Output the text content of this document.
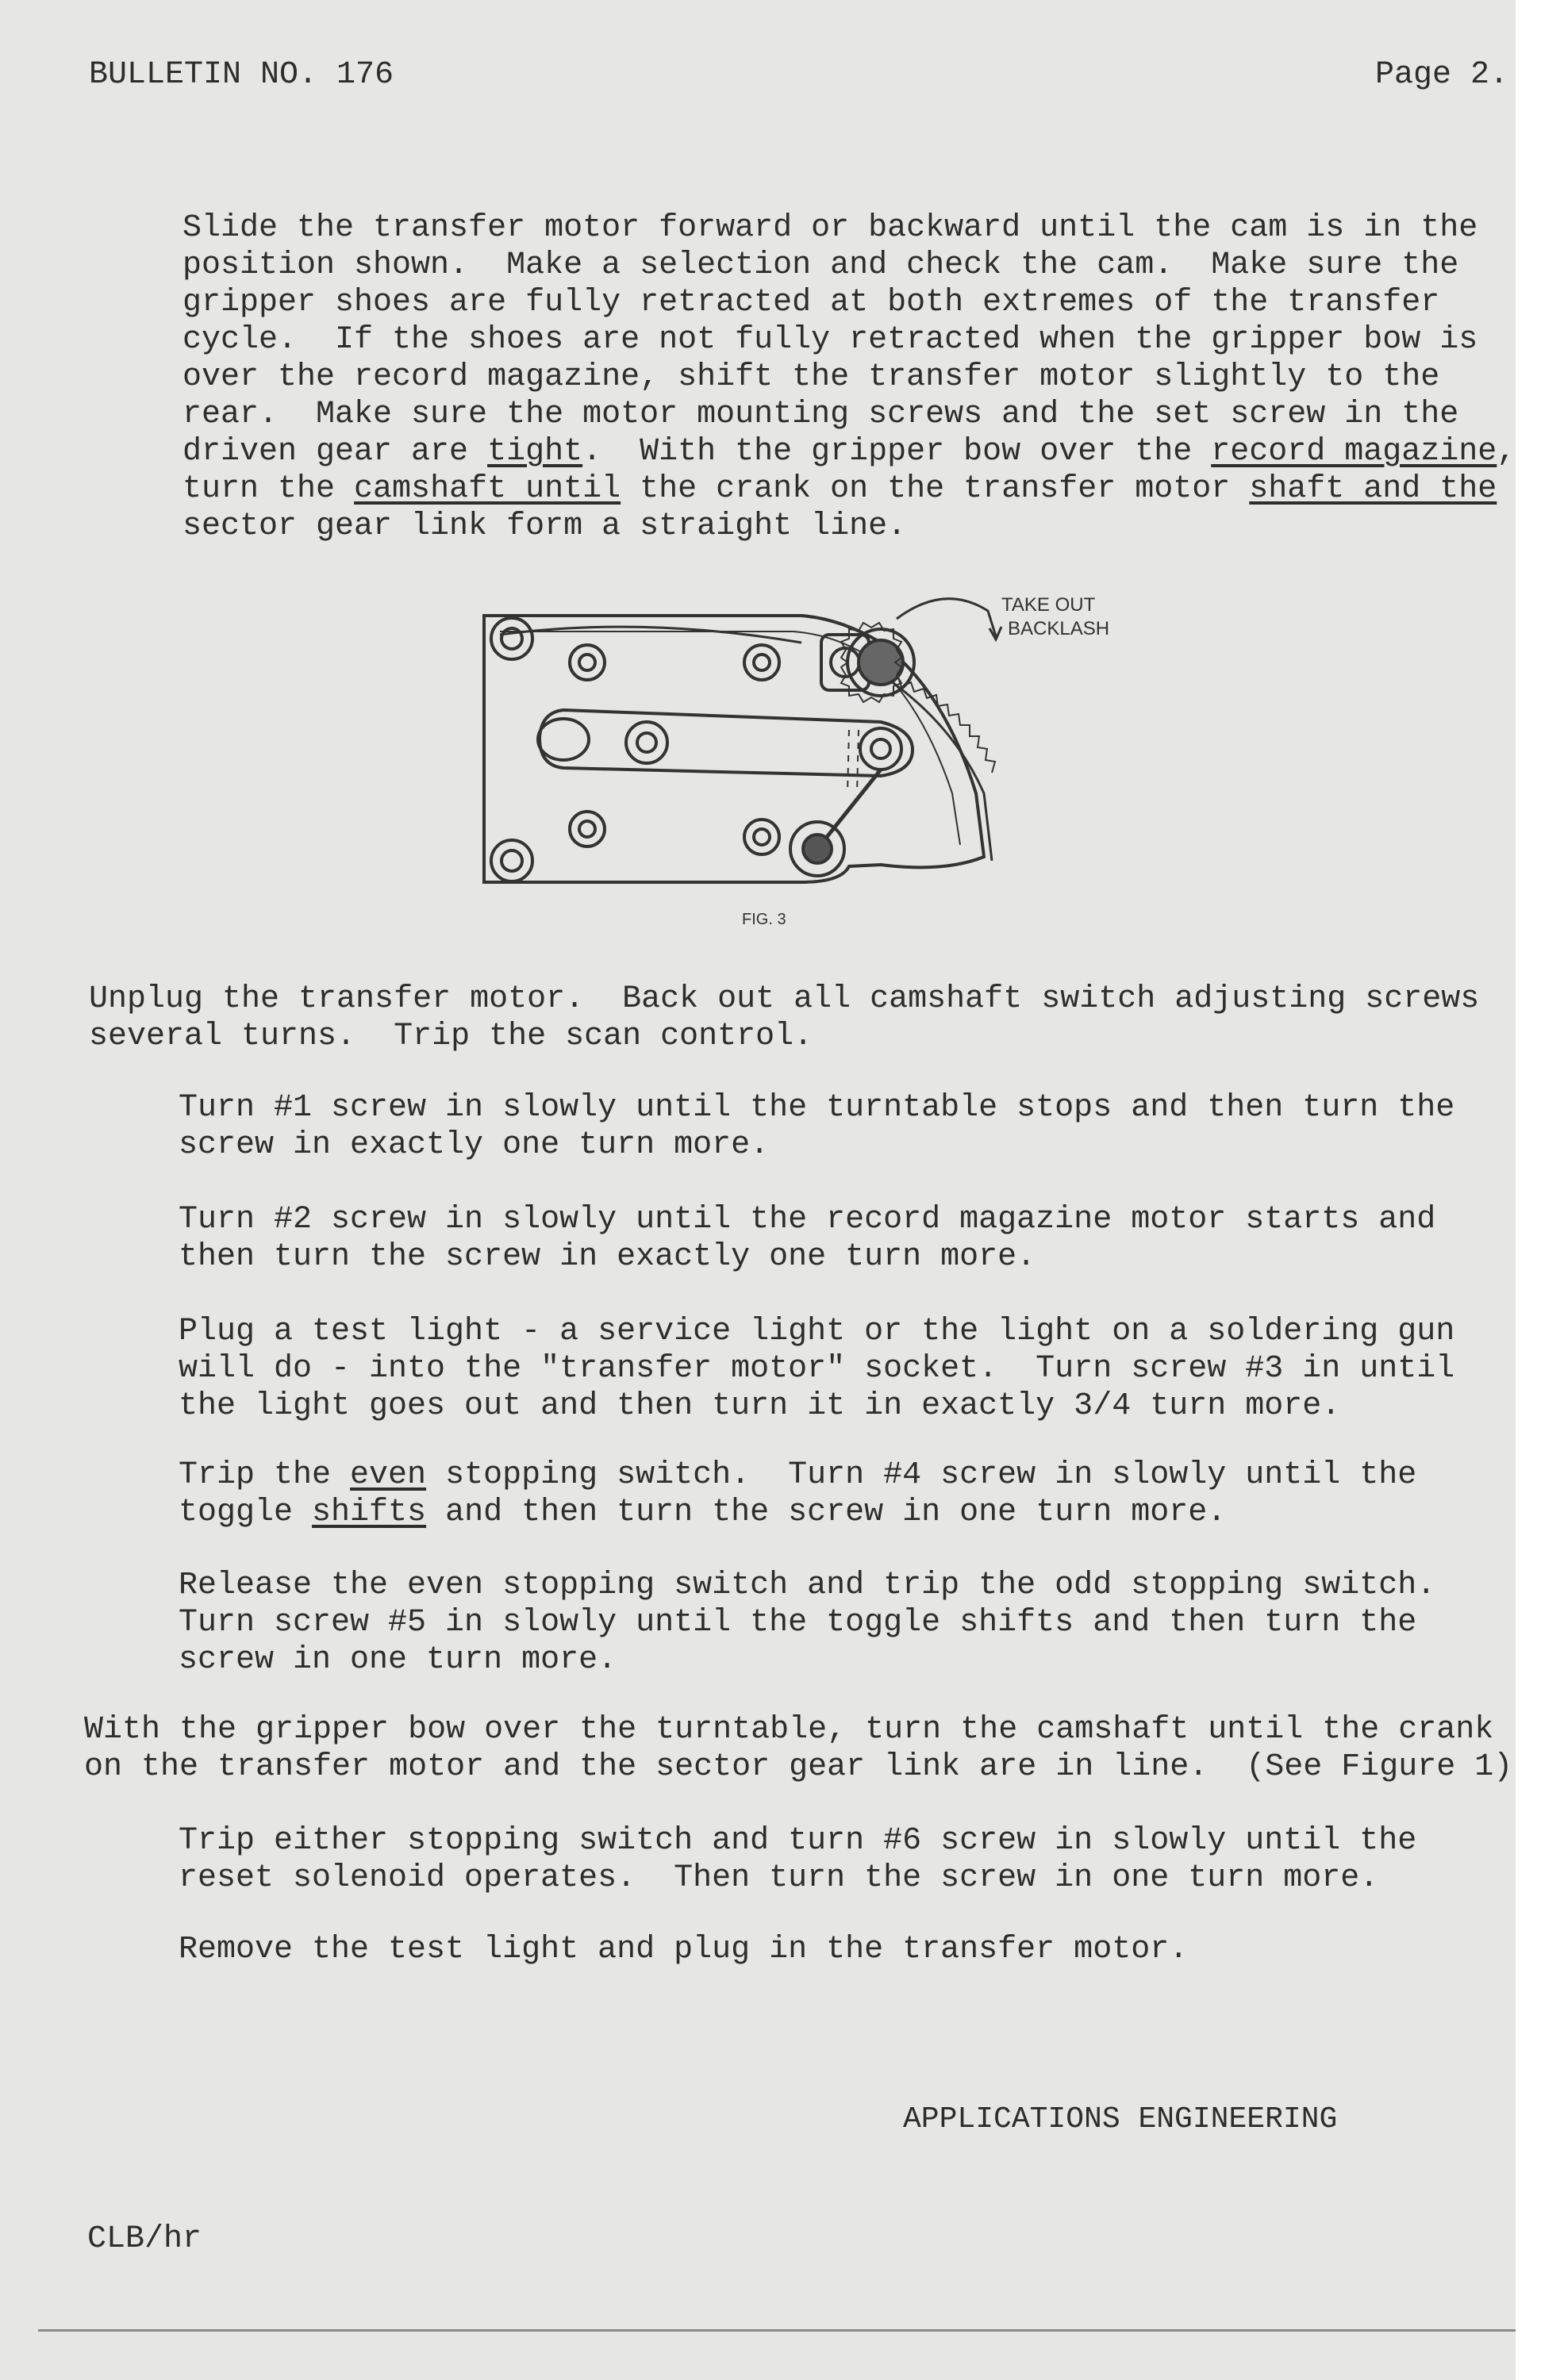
BULLETIN NO. 176	Page 2.
Slide the transfer motor forward or backward until the cam is in the
position shown.  Make a selection and check the cam.  Make sure the
gripper shoes are fully retracted at both extremes of the transfer
cycle.  If the shoes are not fully retracted when the gripper bow is
over the record magazine, shift the transfer motor slightly to the
rear.  Make sure the motor mounting screws and the set screw in the
driven gear are tight.  With the gripper bow over the record magazine,
turn the camshaft until the crank on the transfer motor shaft and the
sector gear link form a straight line.
TAKE OUT
BACKLASH
FIG. 3
Unplug the transfer motor.  Back out all camshaft switch adjusting screws
several turns.  Trip the scan control.
Turn #1 screw in slowly until the turntable stops and then turn the
screw in exactly one turn more.
Turn #2 screw in slowly until the record magazine motor starts and
then turn the screw in exactly one turn more.
Plug a test light - a service light or the light on a soldering gun
will do - into the "transfer motor" socket.  Turn screw #3 in until
the light goes out and then turn it in exactly 3/4 turn more.
Trip the even stopping switch.  Turn #4 screw in slowly until the
toggle shifts and then turn the screw in one turn more.
Release the even stopping switch and trip the odd stopping switch.
Turn screw #5 in slowly until the toggle shifts and then turn the
screw in one turn more.
With the gripper bow over the turntable, turn the camshaft until the crank
on the transfer motor and the sector gear link are in line.  (See Figure 1)
Trip either stopping switch and turn #6 screw in slowly until the
reset solenoid operates.  Then turn the screw in one turn more.
Remove the test light and plug in the transfer motor.
APPLICATIONS ENGINEERING
CLB/hr
